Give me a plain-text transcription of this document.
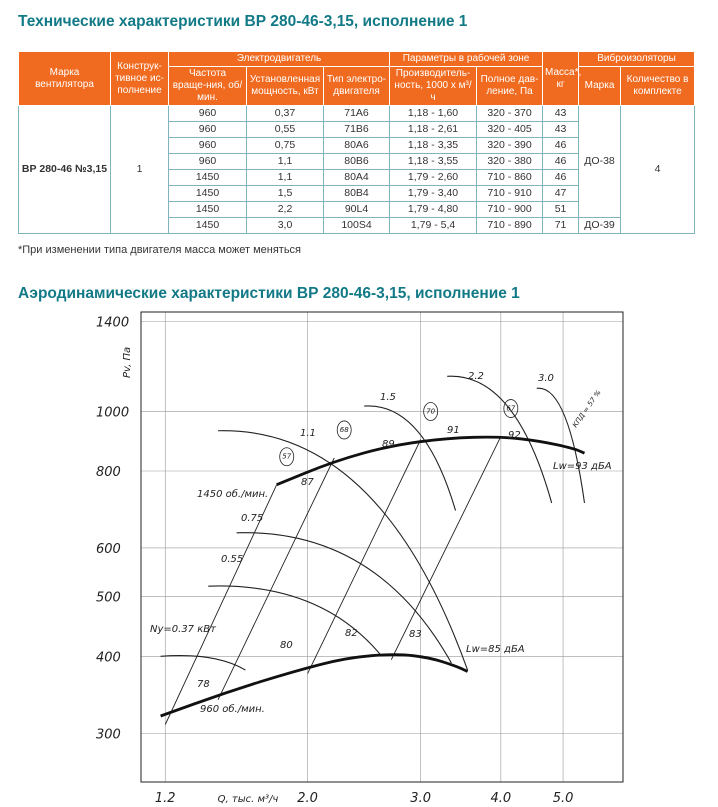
Технические характеристики ВР 280-46-3,15, исполнение 1
Марка вентилятора	Конструк-тивное ис-полнение	Электродвигатель			Параметры в рабочей зоне		Масса*, кг	Виброизоляторы	
		Частота враще-ния, об/мин.	Установленная мощность, кВт	Тип электро-двигателя	Производитель-ность, 1000 x м³/ч	Полное дав-ление, Па		Марка	Количество в комплекте
ВР 280-46 №3,15	1	960	0,37	71А6	1,18 - 1,60	320 - 370	43	ДО-38	4
		960	0,55	71В6	1,18 - 2,61	320 - 405	43		
		960	0,75	80А6	1,18 - 3,35	320 - 390	46		
		960	1,1	80В6	1,18 - 3,55	320 - 380	46		
		1450	1,1	80А4	1,79 - 2,60	710 - 860	46		
		1450	1,5	80В4	1,79 - 3,40	710 - 910	47		
		1450	2,2	90L4	1,79 - 4,80	710 - 900	51		
		1450	3,0	100S4	1,79 - 5,4	710 - 890	71	ДО-39	
*При изменении типа двигателя масса может меняться
Аэродинамические характеристики ВР 280-46-3,15, исполнение 1
57
68
70	67
1450 об./мин.
960 об./мин.
Ny=0.37 кВт
0.55
0.75
1.1
1.5
2.2	3.0
Lw=93 дБА
Lw=85 дБА
КПД = 57 %
78
80
82	83
87
89
91	92
300
400
500
600
800
1000
1400
1.2	2.0	3.0	4.0	5.0
Q, тыс. м³/ч
Pv, Па
